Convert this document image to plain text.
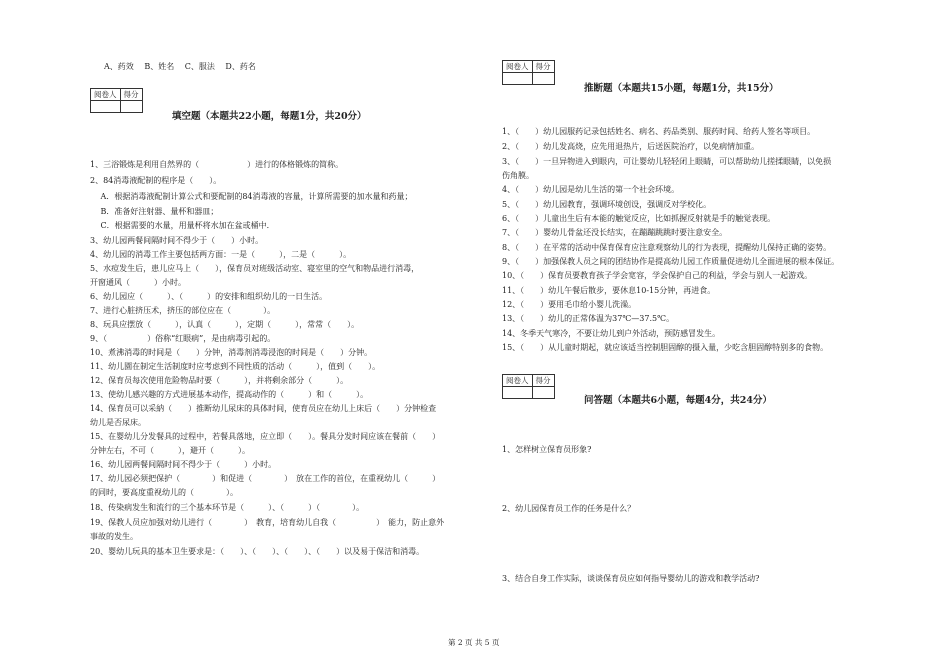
A、药效　 B、姓名　 C、服法　 D、药名
阅卷人	得分

填空题（本题共22小题，每题1分，共20分）
1、三浴锻炼是利用自然界的（　　　　　　）进行的体格锻炼的简称。
2、84消毒液配制的程序是（　　）。
　 A．根据消毒液配制计算公式和要配制的84消毒液的容量，计算所需要的加水量和药量；
　 B．准备好注射器、量杯和器皿；
　 C．根据需要的水量，用量杯将水加在盆或桶中．
3、幼儿园两餐间隔时间不得少于（　　）小时。
4、幼儿园的消毒工作主要包括两方面：一是（　　　），二是（　　　）。
5、水痘发生后，患儿应马上（　　），保育员对班级活动室、寝室里的空气和物品进行消毒，
开窗通风（　　　）小时。
6、幼儿园应（　　　）、（　　　）的安排和组织幼儿的一日生活。
7、进行心脏挤压术，挤压的部位应在（　　　　）。
8、玩具应摆放（　　　），认真（　　　），定期（　　　），常常（　　）。
9、（　　　　　）俗称“红眼病”，是由病毒引起的。
10、煮沸消毒的时间是（　　）分钟，消毒剂消毒浸泡的时间是（　　）分钟。
11、幼儿園在制定生活制度时应考虑到不同性质的活动（　　　），值到（　　）。
12、保育员每次使用危险物品时要（　　　），并将剩余部分（　　　）。
13、使幼儿感兴趣的方式进展基本动作，提高动作的（　　　）和（　　　）。
14、保育员可以采納（　　）推断幼儿尿床的具体时间，使育员应在幼儿上床后（　　）分钟检查
幼儿是否尿床。
15、在婴幼儿分发餐具的过程中，若餐具落地，应立即（　　）。餐具分发时间应该在餐前（　　）
分钟左右，不可（　　　），避开（　　　）。
16、幼儿园两餐间隔时间不得少于（　　　）小时。
17、幼儿园必须把保护（　　　　）和促进（　　　　）　放在工作的首位，在重视幼儿（　　　）
的同时，要高度重视幼儿的（　　　　）。
18、传染病发生和流行的三个基本环节是（　　　）、（　　　）（　　　　）。
19、保教人员应加强对幼儿进行（　　　　）　教育，培育幼儿自我（　　　　　）　能力，防止意外
事故的发生。
20、婴幼儿玩具的基本卫生要求是：（　　）、（　　）、（　　）、（　　）以及易于保洁和消毒。
阅卷人	得分

推断题（本题共15小题，每题1分，共15分）
1、（　　）幼儿园服药记录包括姓名、病名、药品类别、服药时间、给药人签名等项目。
2、（　　）幼儿发高烧，应先用退热片，后送医院治疗，以免病情加重。
3、（　　）一旦异物进入到眼内，可让婴幼儿轻轻闭上眼睛，可以帮助幼儿搓揉眼睛，以免损
伤角膜。
4、（　　）幼儿园是幼儿生活的第一个社会环境。
5、（　　）幼儿园教育，强调环境创设，强调反对学校化。
6、（　　）儿童出生后有本能的触觉反应，比如抓握反射就是手的触觉表现。
7、（　　）婴幼儿骨盆还没长结实，在蹦蹦跳跳时要注意安全。
8、（　　）在平常的活动中保育保育应注意观察幼儿的行为表现，提醒幼儿保持正确的姿势。
9、（　　）加强保教人员之间的团结协作是提高幼儿园工作质量促进幼儿全面进展的根本保证。
10、（　　）保育员要教育孩子学会宽容，学会保护自己的利益，学会与别人一起游戏。
11、（　　）幼儿午餐后散步，要休息10-15分钟，再进食。
12、（　　）要用毛巾给小婴儿洗澡。
13、（　　）幼儿的正常体温为37℃—37.5℃。
14、冬季天气寒冷，不要让幼儿到户外活动，预防感冒发生。
15、（　　）从儿童时期起，就应该适当控制胆固醇的摄入量，少吃含胆固醇特别多的食物。
阅卷人	得分

问答题（本题共6小题，每题4分，共24分）
1、怎样树立保育员形象?
2、幼儿园保育员工作的任务是什么？
3、结合自身工作实际，谈谈保育员应如何指导婴幼儿的游戏和教学活动?
第 2 页 共 5 页
